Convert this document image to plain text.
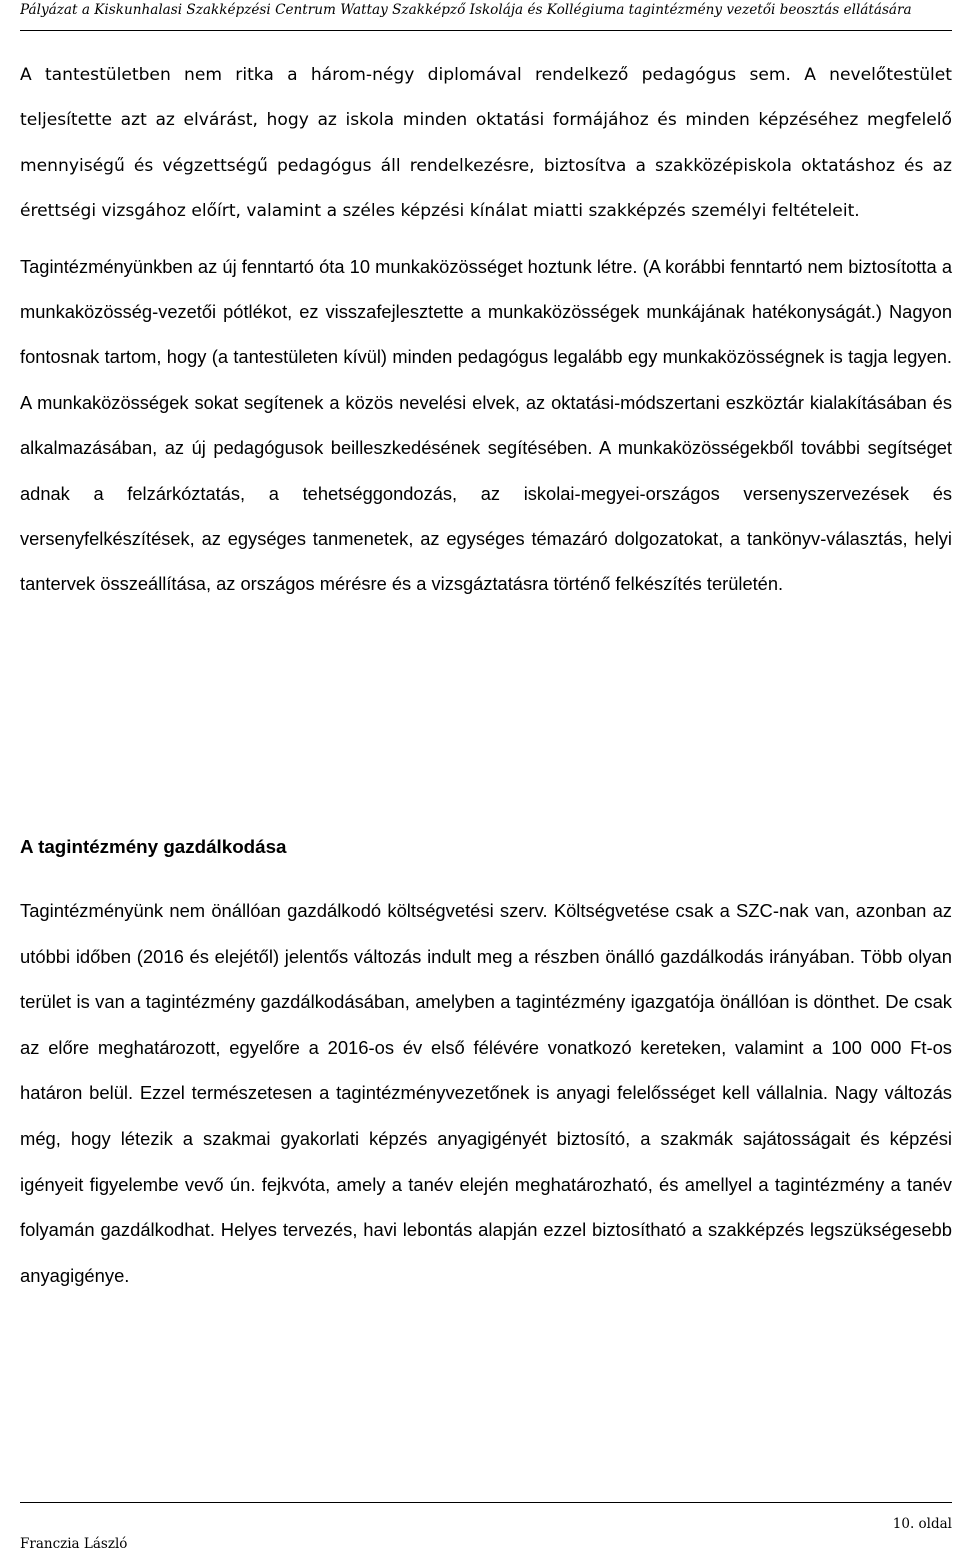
Pályázat a Kiskunhalasi Szakképzési Centrum Wattay Szakképző Iskolája és Kollégiuma tagintézmény vezetői beosztás ellátására

A tantestületben nem ritka a három-négy diplomával rendelkező pedagógus sem. A nevelőtestület teljesítette azt az elvárást, hogy az iskola minden oktatási formájához és minden képzéséhez megfelelő mennyiségű és végzettségű pedagógus áll rendelkezésre, biztosítva a szakközépiskola oktatáshoz és az érettségi vizsgához előírt, valamint a széles képzési kínálat miatti szakképzés személyi feltételeit.

Tagintézményünkben az új fenntartó óta 10 munkaközösséget hoztunk létre. (A korábbi fenntartó nem biztosította a munkaközösség-vezetői pótlékot, ez visszafejlesztette a munkaközösségek munkájának hatékonyságát.) Nagyon fontosnak tartom, hogy (a tantestületen kívül) minden pedagógus legalább egy munkaközösségnek is tagja legyen. A munkaközösségek sokat segítenek a közös nevelési elvek, az oktatási-módszertani eszköztár kialakításában és alkalmazásában, az új pedagógusok beilleszkedésének segítésében. A munkaközösségekből további segítséget adnak a felzárkóztatás, a tehetséggondozás, az iskolai-megyei-országos versenyszervezések és versenyfelkészítések, az egységes tanmenetek, az egységes témazáró dolgozatokat, a tankönyv-választás, helyi tantervek összeállítása, az országos mérésre és a vizsgáztatásra történő felkészítés területén.

A tagintézmény gazdálkodása

Tagintézményünk nem önállóan gazdálkodó költségvetési szerv. Költségvetése csak a SZC-nak van, azonban az utóbbi időben (2016 és elejétől) jelentős változás indult meg a részben önálló gazdálkodás irányában. Több olyan terület is van a tagintézmény gazdálkodásában, amelyben a tagintézmény igazgatója önállóan is dönthet. De csak az előre meghatározott, egyelőre a 2016-os év első félévére vonatkozó kereteken, valamint a 100 000 Ft-os határon belül. Ezzel természetesen a tagintézményvezetőnek is anyagi felelősséget kell vállalnia. Nagy változás még, hogy létezik a szakmai gyakorlati képzés anyagigényét biztosító, a szakmák sajátosságait és képzési igényeit figyelembe vevő ún. fejkvóta, amely a tanév elején meghatározható, és amellyel a tagintézmény a tanév folyamán gazdálkodhat. Helyes tervezés, havi lebontás alapján ezzel biztosítható a szakképzés legszükségesebb anyagigénye.

Franczia László
10. oldal
